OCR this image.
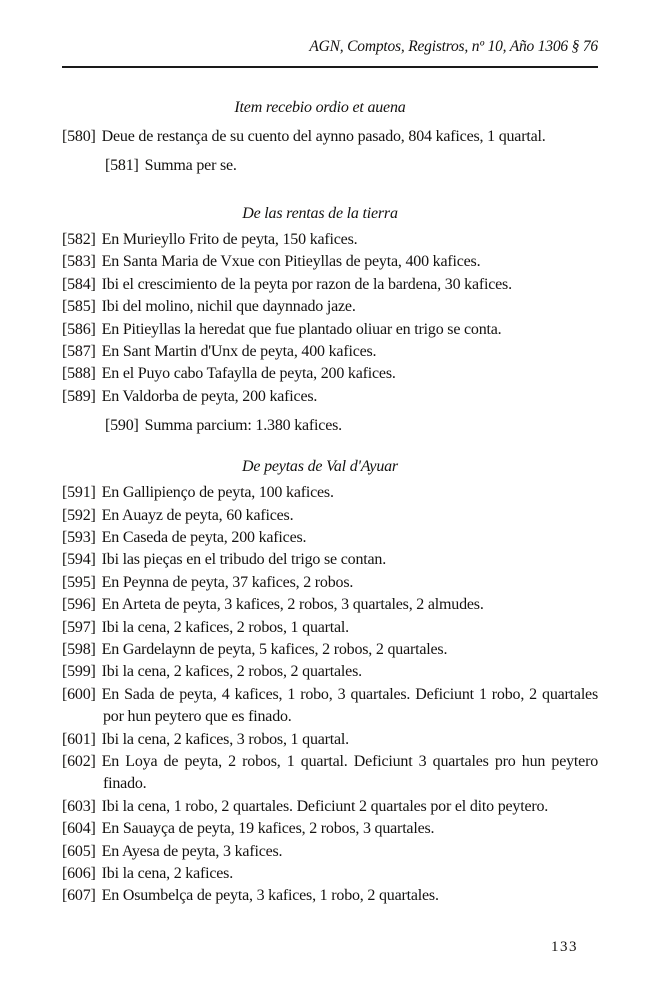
AGN, Comptos, Registros, nº 10, Año 1306 § 76
Item recebio ordio et auena
[580] Deue de restança de su cuento del aynno pasado, 804 kafices, 1 quartal.
[581] Summa per se.
De las rentas de la tierra
[582] En Murieyllo Frito de peyta, 150 kafices.
[583] En Santa Maria de Vxue con Pitieyllas de peyta, 400 kafices.
[584] Ibi el crescimiento de la peyta por razon de la bardena, 30 kafices.
[585] Ibi del molino, nichil que daynnado jaze.
[586] En Pitieyllas la heredat que fue plantado oliuar en trigo se conta.
[587] En Sant Martin d'Unx de peyta, 400 kafices.
[588] En el Puyo cabo Tafaylla de peyta, 200 kafices.
[589] En Valdorba de peyta, 200 kafices.
[590] Summa parcium: 1.380 kafices.
De peytas de Val d'Ayuar
[591] En Gallipienço de peyta, 100 kafices.
[592] En Auayz de peyta, 60 kafices.
[593] En Caseda de peyta, 200 kafices.
[594] Ibi las pieças en el tribudo del trigo se contan.
[595] En Peynna de peyta, 37 kafices, 2 robos.
[596] En Arteta de peyta, 3 kafices, 2 robos, 3 quartales, 2 almudes.
[597] Ibi la cena, 2 kafices, 2 robos, 1 quartal.
[598] En Gardelaynn de peyta, 5 kafices, 2 robos, 2 quartales.
[599] Ibi la cena, 2 kafices, 2 robos, 2 quartales.
[600] En Sada de peyta, 4 kafices, 1 robo, 3 quartales. Deficiunt 1 robo, 2 quartales por hun peytero que es finado.
[601] Ibi la cena, 2 kafices, 3 robos, 1 quartal.
[602] En Loya de peyta, 2 robos, 1 quartal. Deficiunt 3 quartales pro hun peytero finado.
[603] Ibi la cena, 1 robo, 2 quartales. Deficiunt 2 quartales por el dito peytero.
[604] En Sauayça de peyta, 19 kafices, 2 robos, 3 quartales.
[605] En Ayesa de peyta, 3 kafices.
[606] Ibi la cena, 2 kafices.
[607] En Osumbelça de peyta, 3 kafices, 1 robo, 2 quartales.
133
